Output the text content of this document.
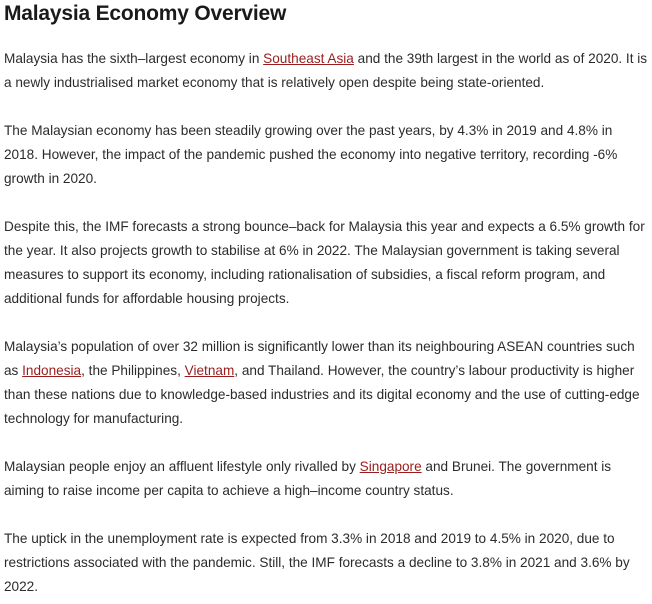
Malaysia Economy Overview

Malaysia has the sixth–largest economy in Southeast Asia and the 39th largest in the world as of 2020. It is a newly industrialised market economy that is relatively open despite being state-oriented.

The Malaysian economy has been steadily growing over the past years, by 4.3% in 2019 and 4.8% in 2018. However, the impact of the pandemic pushed the economy into negative territory, recording -6% growth in 2020.

Despite this, the IMF forecasts a strong bounce–back for Malaysia this year and expects a 6.5% growth for the year. It also projects growth to stabilise at 6% in 2022. The Malaysian government is taking several measures to support its economy, including rationalisation of subsidies, a fiscal reform program, and additional funds for affordable housing projects.

Malaysia’s population of over 32 million is significantly lower than its neighbouring ASEAN countries such as Indonesia, the Philippines, Vietnam, and Thailand. However, the country’s labour productivity is higher than these nations due to knowledge-based industries and its digital economy and the use of cutting-edge technology for manufacturing.

Malaysian people enjoy an affluent lifestyle only rivalled by Singapore and Brunei. The government is aiming to raise income per capita to achieve a high–income country status.

The uptick in the unemployment rate is expected from 3.3% in 2018 and 2019 to 4.5% in 2020, due to restrictions associated with the pandemic. Still, the IMF forecasts a decline to 3.8% in 2021 and 3.6% by 2022.
